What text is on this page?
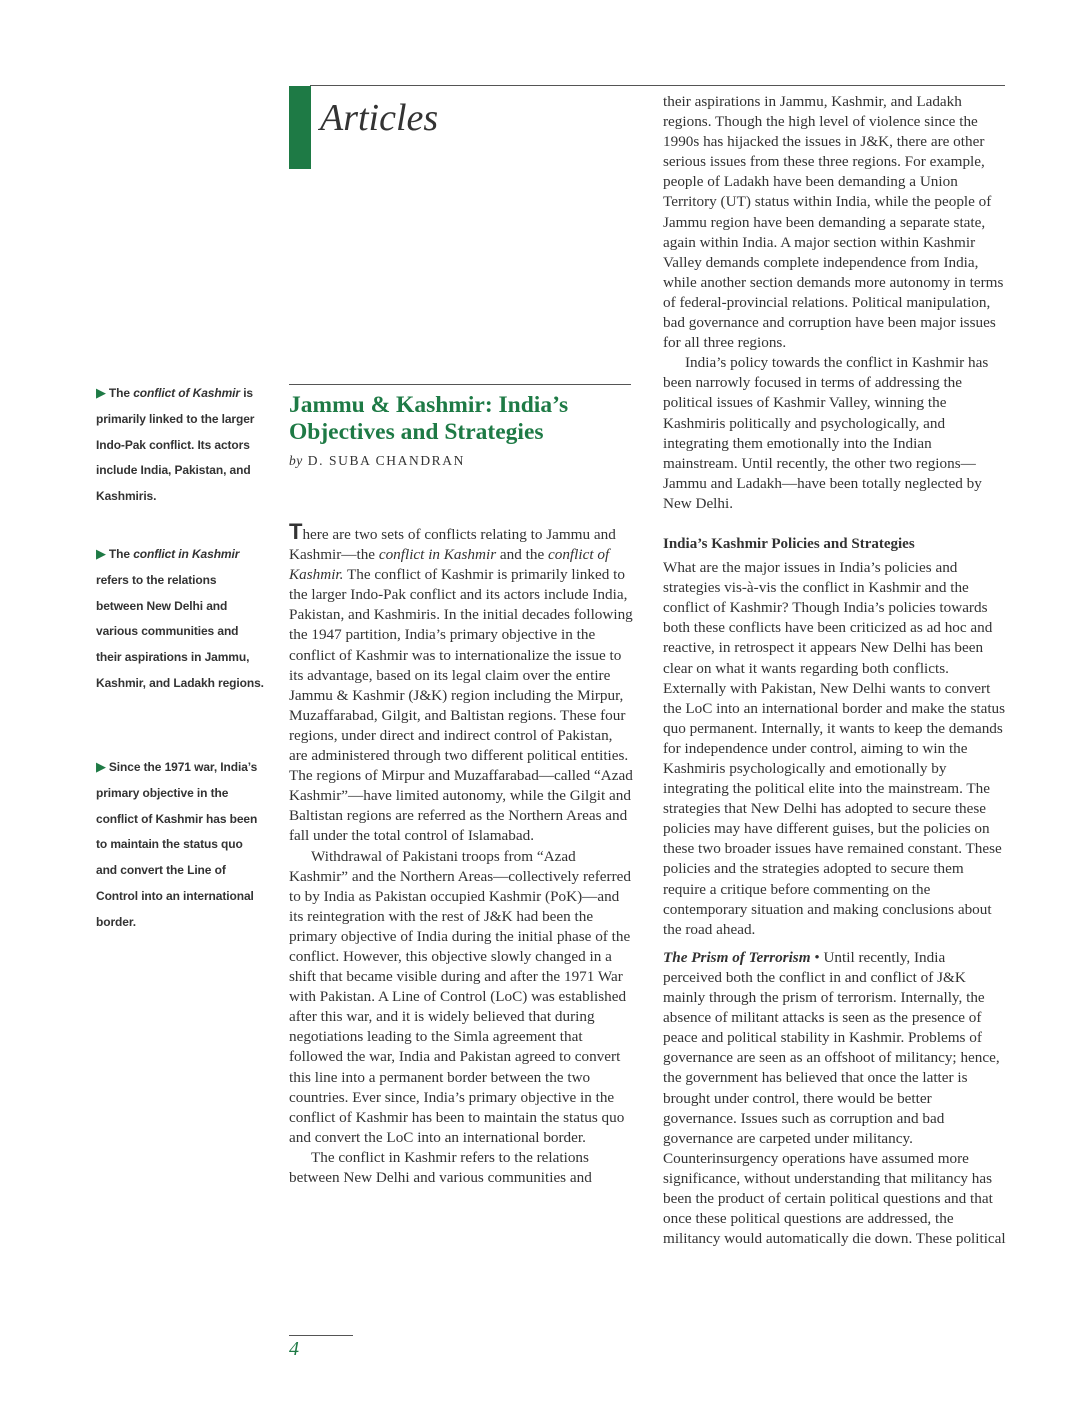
Articles
▶ The conflict of Kashmir is primarily linked to the larger Indo-Pak conflict. Its actors include India, Pakistan, and Kashmiris.
▶ The conflict in Kashmir refers to the relations between New Delhi and various communities and their aspirations in Jammu, Kashmir, and Ladakh regions.
▶ Since the 1971 war, India’s primary objective in the conflict of Kashmir has been to maintain the status quo and convert the Line of Control into an international border.
Jammu & Kashmir: India’s Objectives and Strategies
by D. SUBA CHANDRAN

There are two sets of conflicts relating to Jammu and Kashmir—the conflict in Kashmir and the conflict of Kashmir. The conflict of Kashmir is primarily linked to the larger Indo-Pak conflict and its actors include India, Pakistan, and Kashmiris. In the initial decades following the 1947 partition, India’s primary objective in the conflict of Kashmir was to internationalize the issue to its advantage, based on its legal claim over the entire Jammu & Kashmir (J&K) region including the Mirpur, Muzaffarabad, Gilgit, and Baltistan regions. These four regions, under direct and indirect control of Pakistan, are administered through two different political entities. The regions of Mirpur and Muzaffarabad—called “Azad Kashmir”—have limited autonomy, while the Gilgit and Baltistan regions are referred as the Northern Areas and fall under the total control of Islamabad.

Withdrawal of Pakistani troops from “Azad Kashmir” and the Northern Areas—collectively referred to by India as Pakistan occupied Kashmir (PoK)—and its reintegration with the rest of J&K had been the primary objective of India during the initial phase of the conflict. However, this objective slowly changed in a shift that became visible during and after the 1971 War with Pakistan. A Line of Control (LoC) was established after this war, and it is widely believed that during negotiations leading to the Simla agreement that followed the war, India and Pakistan agreed to convert this line into a permanent border between the two countries. Ever since, India’s primary objective in the conflict of Kashmir has been to maintain the status quo and convert the LoC into an international border.

The conflict in Kashmir refers to the relations between New Delhi and various communities and

their aspirations in Jammu, Kashmir, and Ladakh regions. Though the high level of violence since the 1990s has hijacked the issues in J&K, there are other serious issues from these three regions. For example, people of Ladakh have been demanding a Union Territory (UT) status within India, while the people of Jammu region have been demanding a separate state, again within India. A major section within Kashmir Valley demands complete independence from India, while another section demands more autonomy in terms of federal-provincial relations. Political manipulation, bad governance and corruption have been major issues for all three regions.

India’s policy towards the conflict in Kashmir has been narrowly focused in terms of addressing the political issues of Kashmir Valley, winning the Kashmiris politically and psychologically, and integrating them emotionally into the Indian mainstream. Until recently, the other two regions—Jammu and Ladakh—have been totally neglected by New Delhi.

India’s Kashmir Policies and Strategies

What are the major issues in India’s policies and strategies vis-à-vis the conflict in Kashmir and the conflict of Kashmir? Though India’s policies towards both these conflicts have been criticized as ad hoc and reactive, in retrospect it appears New Delhi has been clear on what it wants regarding both conflicts. Externally with Pakistan, New Delhi wants to convert the LoC into an international border and make the status quo permanent. Internally, it wants to keep the demands for independence under control, aiming to win the Kashmiris psychologically and emotionally by integrating the political elite into the mainstream. The strategies that New Delhi has adopted to secure these policies may have different guises, but the policies on these two broader issues have remained constant. These policies and the strategies adopted to secure them require a critique before commenting on the contemporary situation and making conclusions about the road ahead.

The Prism of Terrorism • Until recently, India perceived both the conflict in and conflict of J&K mainly through the prism of terrorism. Internally, the absence of militant attacks is seen as the presence of peace and political stability in Kashmir. Problems of governance are seen as an offshoot of militancy; hence, the government has believed that once the latter is brought under control, there would be better governance. Issues such as corruption and bad governance are carpeted under militancy. Counterinsurgency operations have assumed more significance, without understanding that militancy has been the product of certain political questions and that once these political questions are addressed, the militancy would automatically die down. These political

4
